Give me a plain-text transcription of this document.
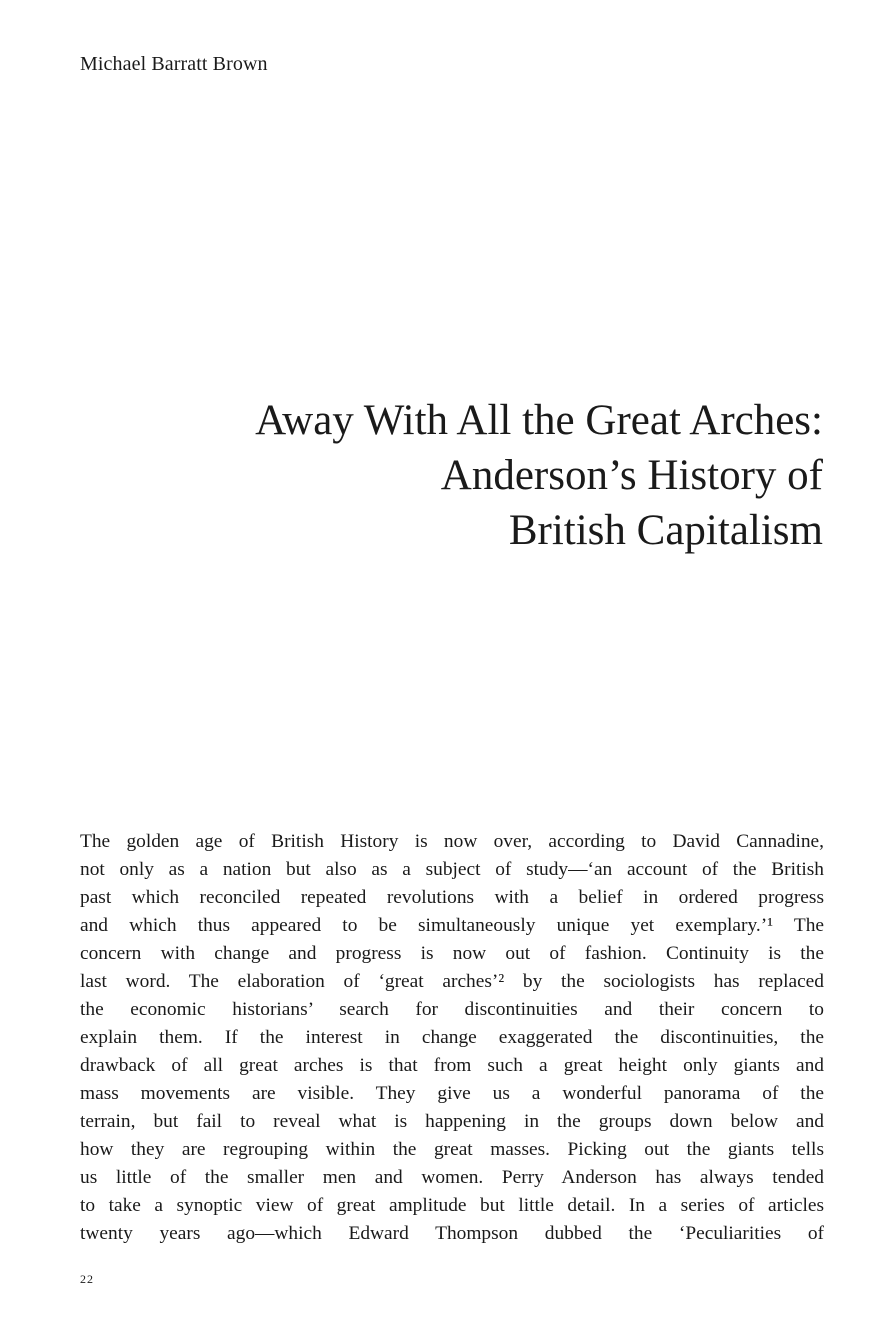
Michael Barratt Brown
Away With All the Great Arches:
Anderson’s History of
British Capitalism
The golden age of British History is now over, according to David Cannadine,
not only as a nation but also as a subject of study—‘an account of the British
past which reconciled repeated revolutions with a belief in ordered progress
and which thus appeared to be simultaneously unique yet exemplary.’¹ The
concern with change and progress is now out of fashion. Continuity is the
last word. The elaboration of ‘great arches’² by the sociologists has replaced
the economic historians’ search for discontinuities and their concern to
explain them. If the interest in change exaggerated the discontinuities, the
drawback of all great arches is that from such a great height only giants and
mass movements are visible. They give us a wonderful panorama of the
terrain, but fail to reveal what is happening in the groups down below and
how they are regrouping within the great masses. Picking out the giants tells
us little of the smaller men and women. Perry Anderson has always tended
to take a synoptic view of great amplitude but little detail. In a series of articles
twenty years ago—which Edward Thompson dubbed the ‘Peculiarities of
22
